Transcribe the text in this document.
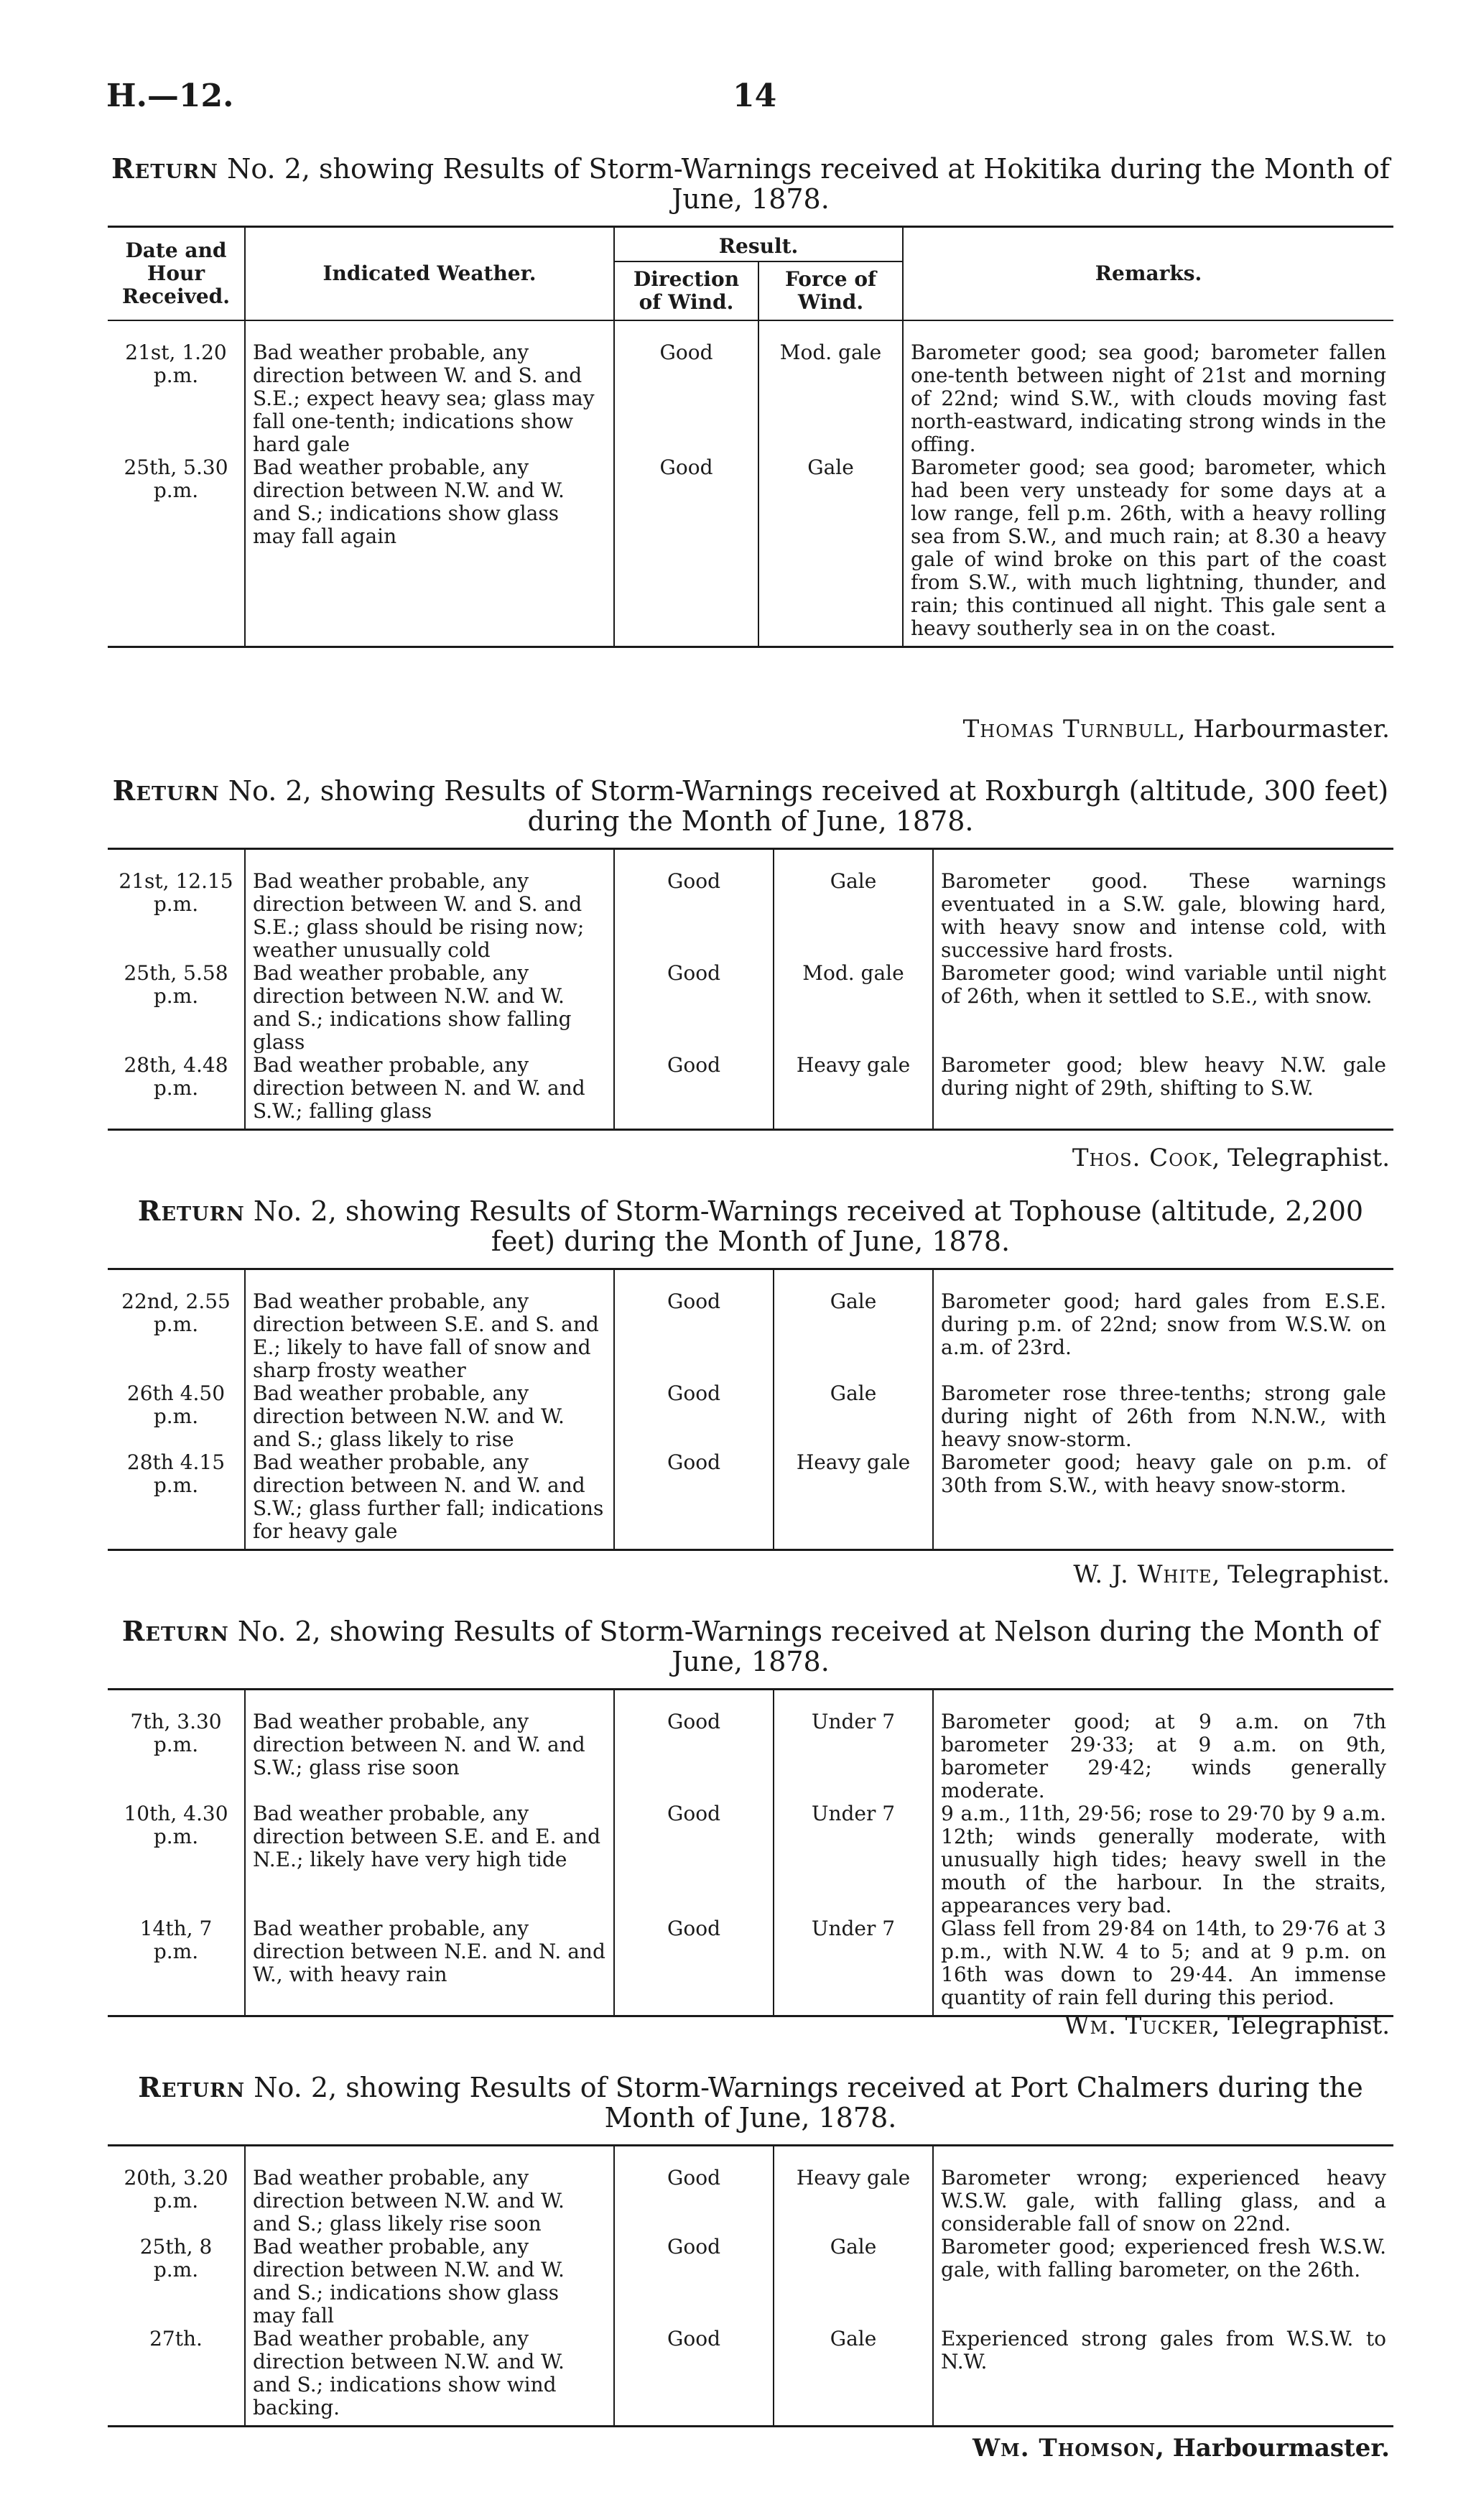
H.—12.	14
Return No. 2, showing Results of Storm-Warnings received at Hokitika during the Month of June, 1878.
Date and Hour Received.	Indicated Weather.	Result.		Remarks.
		Direction of Wind.	Force of Wind.	
21st, 1.20 p.m.	Bad weather probable, any direction between W. and S. and S.E.; expect heavy sea; glass may fall one-tenth; indications show hard gale	Good	Mod. gale	Barometer good; sea good; barometer fallen one-tenth between night of 21st and morning of 22nd; wind S.W., with clouds moving fast north-eastward, indicating strong winds in the offing.
25th, 5.30 p.m.	Bad weather probable, any direction between N.W. and W. and S.; indications show glass may fall again	Good	Gale	Barometer good; sea good; barometer, which had been very unsteady for some days at a low range, fell p.m. 26th, with a heavy rolling sea from S.W., and much rain; at 8.30 a heavy gale of wind broke on this part of the coast from S.W., with much lightning, thunder, and rain; this continued all night. This gale sent a heavy southerly sea in on the coast.
Thomas Turnbull, Harbourmaster.
Return No. 2, showing Results of Storm-Warnings received at Roxburgh (altitude, 300 feet) during the Month of June, 1878.
21st, 12.15 p.m.	Bad weather probable, any direction between W. and S. and S.E.; glass should be rising now; weather unusually cold	Good	Gale	Barometer good. These warnings eventuated in a S.W. gale, blowing hard, with heavy snow and intense cold, with successive hard frosts.
25th, 5.58 p.m.	Bad weather probable, any direction between N.W. and W. and S.; indications show falling glass	Good	Mod. gale	Barometer good; wind variable until night of 26th, when it settled to S.E., with snow.
28th, 4.48 p.m.	Bad weather probable, any direction between N. and W. and S.W.; falling glass	Good	Heavy gale	Barometer good; blew heavy N.W. gale during night of 29th, shifting to S.W.
Thos. Cook, Telegraphist.
Return No. 2, showing Results of Storm-Warnings received at Tophouse (altitude, 2,200 feet) during the Month of June, 1878.
22nd, 2.55 p.m.	Bad weather probable, any direction between S.E. and S. and E.; likely to have fall of snow and sharp frosty weather	Good	Gale	Barometer good; hard gales from E.S.E. during p.m. of 22nd; snow from W.S.W. on a.m. of 23rd.
26th 4.50 p.m.	Bad weather probable, any direction between N.W. and W. and S.; glass likely to rise	Good	Gale	Barometer rose three-tenths; strong gale during night of 26th from N.N.W., with heavy snow-storm.
28th 4.15 p.m.	Bad weather probable, any direction between N. and W. and S.W.; glass further fall; indications for heavy gale	Good	Heavy gale	Barometer good; heavy gale on p.m. of 30th from S.W., with heavy snow-storm.
W. J. White, Telegraphist.
Return No. 2, showing Results of Storm-Warnings received at Nelson during the Month of June, 1878.
7th, 3.30 p.m.	Bad weather probable, any direction between N. and W. and S.W.; glass rise soon	Good	Under 7	Barometer good; at 9 a.m. on 7th barometer 29·33; at 9 a.m. on 9th, barometer 29·42; winds generally moderate.
10th, 4.30 p.m.	Bad weather probable, any direction between S.E. and E. and N.E.; likely have very high tide	Good	Under 7	9 a.m., 11th, 29·56; rose to 29·70 by 9 a.m. 12th; winds generally moderate, with unusually high tides; heavy swell in the mouth of the harbour. In the straits, appearances very bad.
14th, 7 p.m.	Bad weather probable, any direction between N.E. and N. and W., with heavy rain	Good	Under 7	Glass fell from 29·84 on 14th, to 29·76 at 3 p.m., with N.W. 4 to 5; and at 9 p.m. on 16th was down to 29·44. An immense quantity of rain fell during this period.
Wm. Tucker, Telegraphist.
Return No. 2, showing Results of Storm-Warnings received at Port Chalmers during the Month of June, 1878.
20th, 3.20 p.m.	Bad weather probable, any direction between N.W. and W. and S.; glass likely rise soon	Good	Heavy gale	Barometer wrong; experienced heavy W.S.W. gale, with falling glass, and a considerable fall of snow on 22nd.
25th, 8 p.m.	Bad weather probable, any direction between N.W. and W. and S.; indications show glass may fall	Good	Gale	Barometer good; experienced fresh W.S.W. gale, with falling barometer, on the 26th.
27th.	Bad weather probable, any direction between N.W. and W. and S.; indications show wind backing.	Good	Gale	Experienced strong gales from W.S.W. to N.W.
Wm. Thomson, Harbourmaster.
